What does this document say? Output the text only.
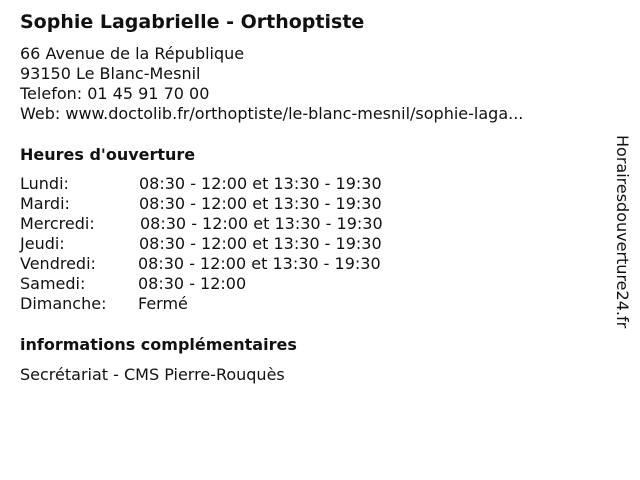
Sophie Lagabrielle - Orthoptiste
66 Avenue de la République
93150 Le Blanc-Mesnil
Telefon: 01 45 91 70 00
Web: www.doctolib.fr/orthoptiste/le-blanc-mesnil/sophie-laga...
Heures d'ouverture
Lundi:	08:30 - 12:00 et 13:30 - 19:30
Mardi:	08:30 - 12:00 et 13:30 - 19:30
Mercredi:	08:30 - 12:00 et 13:30 - 19:30
Jeudi:	08:30 - 12:00 et 13:30 - 19:30
Vendredi:	08:30 - 12:00 et 13:30 - 19:30
Samedi:	08:30 - 12:00
Dimanche: Fermé
informations complémentaires
Secrétariat - CMS Pierre-Rouquès
Horairesdouverture24.fr
